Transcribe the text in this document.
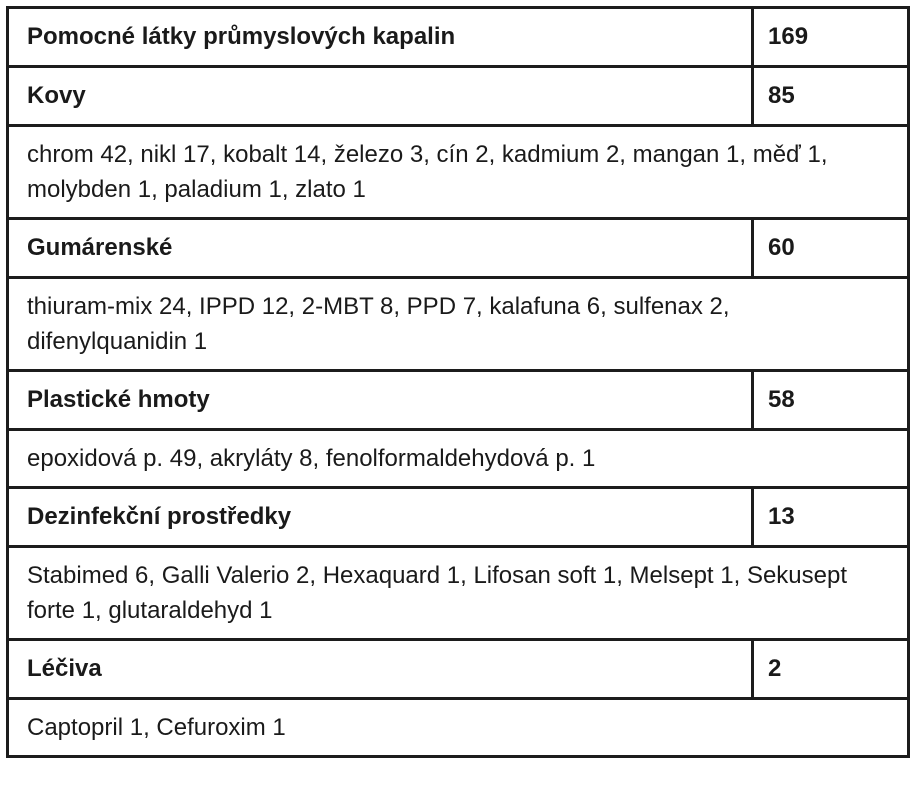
Pomocné látky průmyslových kapalin	169
Kovy	85
chrom 42, nikl 17, kobalt 14, železo 3, cín 2, kadmium 2, mangan 1, měď 1, molybden 1, paladium 1, zlato 1	
Gumárenské	60
thiuram-mix 24, IPPD 12, 2-MBT 8, PPD 7, kalafuna 6, sulfenax 2, difenylquanidin 1	
Plastické hmoty	58
epoxidová p. 49, akryláty 8, fenolformaldehydová p. 1	
Dezinfekční prostředky	13
Stabimed 6, Galli Valerio 2, Hexaquard 1, Lifosan soft 1, Melsept 1, Sekusept forte 1, glutaraldehyd 1	
Léčiva	2
Captopril 1, Cefuroxim 1	
